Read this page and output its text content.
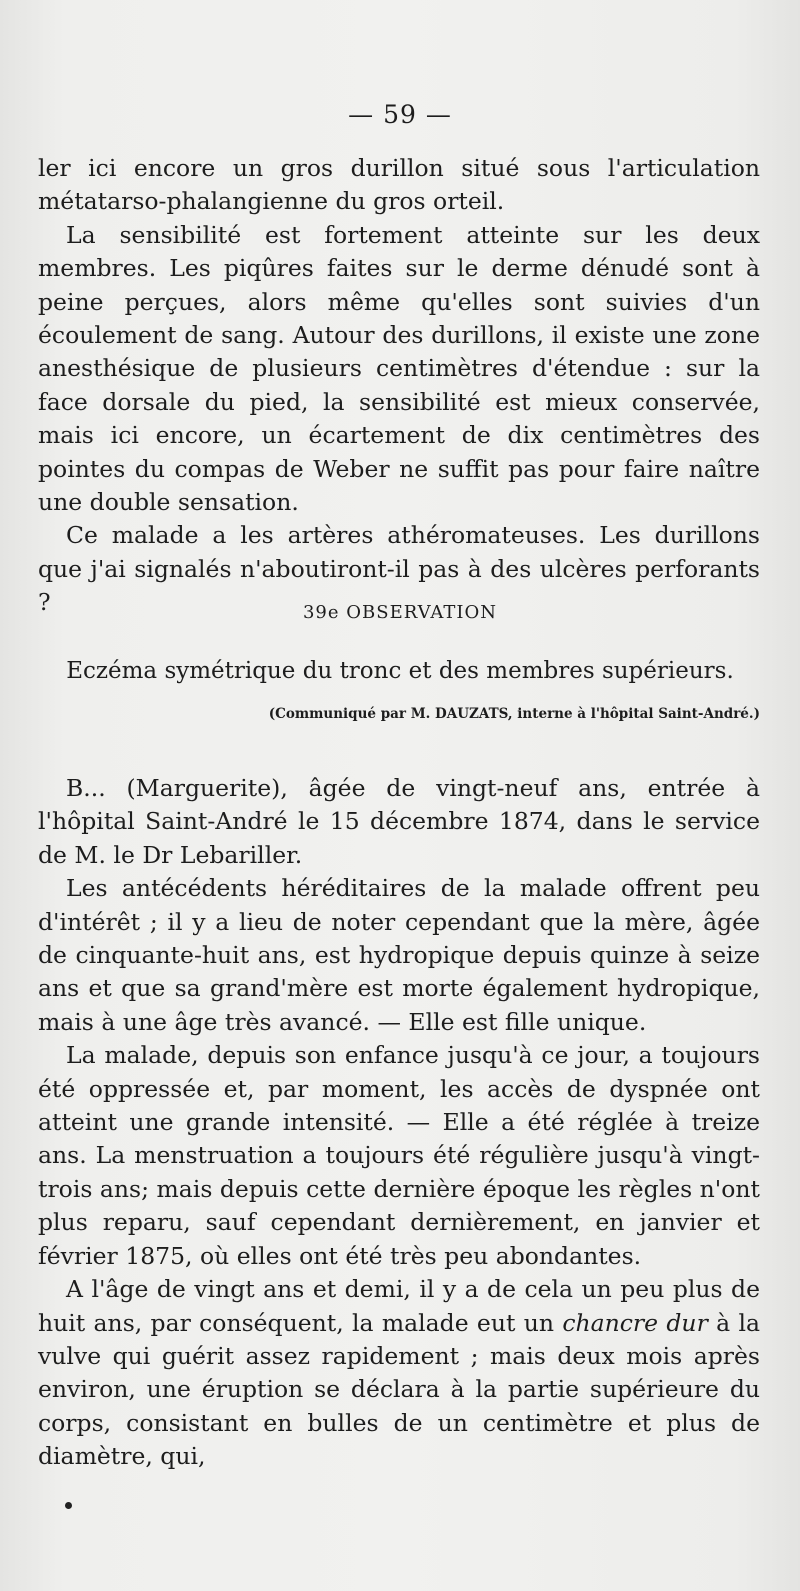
— 59 —

ler ici encore un gros durillon situé sous l'articulation métatarso-phalangienne du gros orteil.

La sensibilité est fortement atteinte sur les deux membres. Les piqûres faites sur le derme dénudé sont à peine perçues, alors même qu'elles sont suivies d'un écoulement de sang. Autour des durillons, il existe une zone anesthésique de plusieurs centimètres d'étendue : sur la face dorsale du pied, la sensibilité est mieux conservée, mais ici encore, un écartement de dix centimètres des pointes du compas de Weber ne suffit pas pour faire naître une double sensation.

Ce malade a les artères athéromateuses. Les durillons que j'ai signalés n'aboutiront-il pas à des ulcères perforants ?	39e OBSERVATION
Eczéma symétrique du tronc et des membres supérieurs.
(Communiqué par M. DAUZATS, interne à l'hôpital Saint-André.)

B... (Marguerite), âgée de vingt-neuf ans, entrée à l'hôpital Saint-André le 15 décembre 1874, dans le service de M. le Dr Lebariller.

Les antécédents héréditaires de la malade offrent peu d'intérêt ; il y a lieu de noter cependant que la mère, âgée de cinquante-huit ans, est hydropique depuis quinze à seize ans et que sa grand'mère est morte également hydropique, mais à une âge très avancé. — Elle est fille unique.

La malade, depuis son enfance jusqu'à ce jour, a toujours été oppressée et, par moment, les accès de dyspnée ont atteint une grande intensité. — Elle a été réglée à treize ans. La menstruation a toujours été régulière jusqu'à vingt-trois ans; mais depuis cette dernière époque les règles n'ont plus reparu, sauf cependant dernièrement, en janvier et février 1875, où elles ont été très peu abondantes.

A l'âge de vingt ans et demi, il y a de cela un peu plus de huit ans, par conséquent, la malade eut un chancre dur à la vulve qui guérit assez rapidement ; mais deux mois après environ, une éruption se déclara à la partie supérieure du corps, consistant en bulles de un centimètre et plus de diamètre, qui,
